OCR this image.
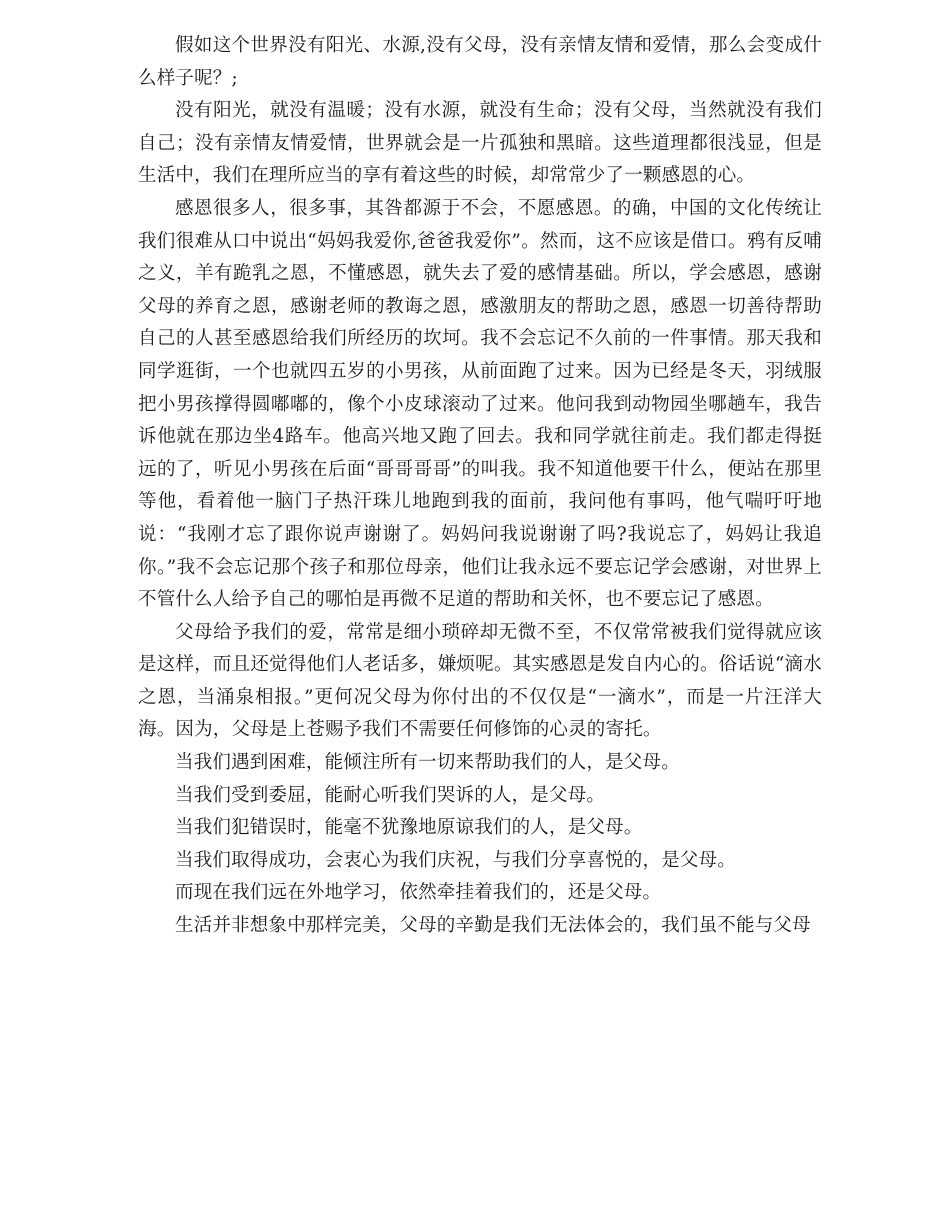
假如这个世界没有阳光、水源,没有父母，没有亲情友情和爱情，那么会变成什么样子呢？;

没有阳光，就没有温暖；没有水源，就没有生命；没有父母，当然就没有我们自己；没有亲情友情爱情，世界就会是一片孤独和黑暗。这些道理都很浅显，但是生活中，我们在理所应当的享有着这些的时候，却常常少了一颗感恩的心。

感恩很多人，很多事，其咎都源于不会，不愿感恩。的确，中国的文化传统让我们很难从口中说出“妈妈我爱你,爸爸我爱你”。然而，这不应该是借口。鸦有反哺之义，羊有跪乳之恩，不懂感恩，就失去了爱的感情基础。所以，学会感恩，感谢父母的养育之恩，感谢老师的教诲之恩，感激朋友的帮助之恩，感恩一切善待帮助自己的人甚至感恩给我们所经历的坎坷。我不会忘记不久前的一件事情。那天我和同学逛街，一个也就四五岁的小男孩，从前面跑了过来。因为已经是冬天，羽绒服把小男孩撑得圆嘟嘟的，像个小皮球滚动了过来。他问我到动物园坐哪趟车，我告诉他就在那边坐4路车。他高兴地又跑了回去。我和同学就往前走。我们都走得挺远的了，听见小男孩在后面“哥哥哥哥”的叫我。我不知道他要干什么，便站在那里等他，看着他一脑门子热汗珠儿地跑到我的面前，我问他有事吗，他气喘吁吁地说：“我刚才忘了跟你说声谢谢了。妈妈问我说谢谢了吗?我说忘了，妈妈让我追你。”我不会忘记那个孩子和那位母亲，他们让我永远不要忘记学会感谢，对世界上不管什么人给予自己的哪怕是再微不足道的帮助和关怀，也不要忘记了感恩。

父母给予我们的爱，常常是细小琐碎却无微不至，不仅常常被我们觉得就应该是这样，而且还觉得他们人老话多，嫌烦呢。其实感恩是发自内心的。俗话说“滴水之恩，当涌泉相报。”更何况父母为你付出的不仅仅是“一滴水”，而是一片汪洋大海。因为，父母是上苍赐予我们不需要任何修饰的心灵的寄托。

当我们遇到困难，能倾注所有一切来帮助我们的人，是父母。

当我们受到委屈，能耐心听我们哭诉的人，是父母。

当我们犯错误时，能毫不犹豫地原谅我们的人，是父母。

当我们取得成功，会衷心为我们庆祝，与我们分享喜悦的，是父母。

而现在我们远在外地学习，依然牵挂着我们的，还是父母。

生活并非想象中那样完美，父母的辛勤是我们无法体会的，我们虽不能与父母
